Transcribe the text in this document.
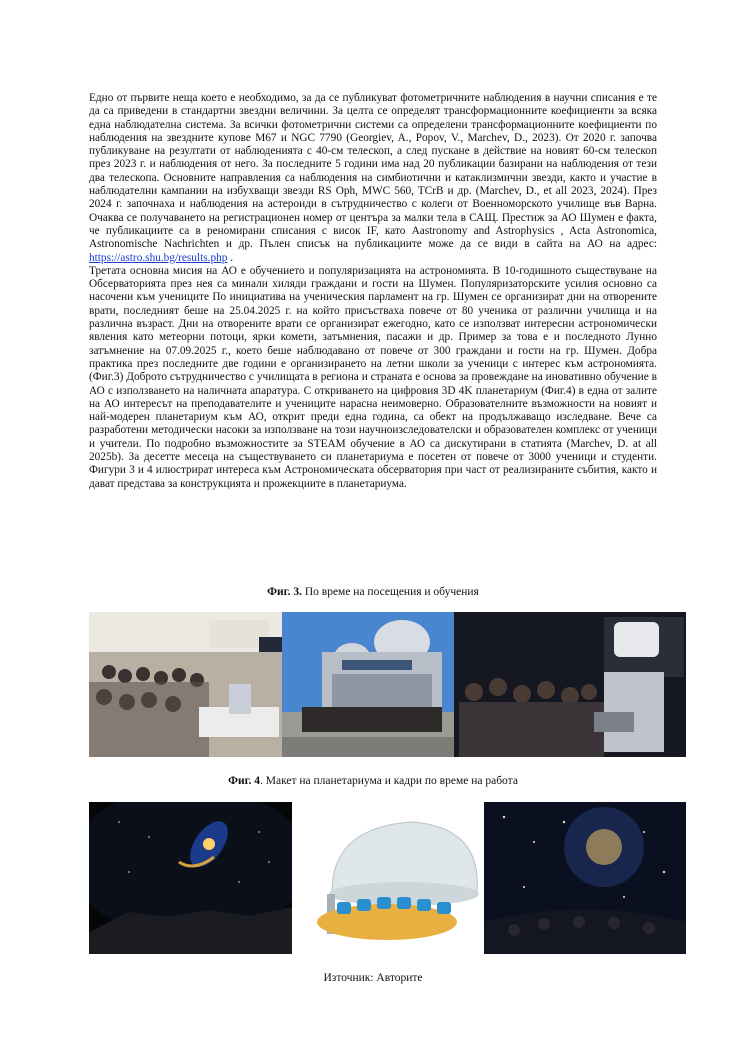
Едно от първите неща което е необходимо, за да се публикуват фотометричните наблюдения в научни списания е те да са приведени в стандартни звездни величини. За целта се определят трансформационните коефициенти за всяка една наблюдателна система. За всички фотометрични системи са определени трансформационните коефициенти по наблюдения на звездните купове M67 и NGC 7790 (Georgiev, A., Popov, V., Marchev, D., 2023). От 2020 г. започва публикуване на резултати от наблюденията с 40-см телескоп, а след пускане в действие на новият 60-см телескоп през 2023 г. и наблюдения от него. За последните 5 години има над 20 публикации базирани на наблюдения от тези два телескопа. Основните направления са наблюдения на симбиотични и катаклизмични звезди, както и участие в наблюдателни кампании на избухващи звезди RS Oph, MWC 560, TCrB и др. (Marchev, D., et all 2023, 2024). През 2024 г. започнаха и наблюдения на астероиди в сътрудничество с колеги от Военноморското училище във Варна. Очаква се получаването на регистрационен номер от центъра за малки тела в САЩ. Престиж за АО Шумен е факта, че публикациите са в реномирани списания с висок IF, като Aastronomy and Astrophysics , Acta Astronomica, Astronomische Nachrichten и др. Пълен списък на публикациите може да се види в сайта на АО на адрес: https://astro.shu.bg/results.php .

Третата основна мисия на АО е обучението и популяризацията на астрономията. В 10-годишното съществуване на Обсерваторията през нея са минали хиляди граждани и гости на Шумен. Популяризаторските усилия основно са насочени към учениците По инициатива на ученическия парламент на гр. Шумен се организират дни на отворените врати, последният беше на 25.04.2025 г. на който присъстваха повече от 80 ученика от различни училища и на различна възраст. Дни на отворените врати се организират ежегодно, като се използват интересни астрономически явления като метеорни потоци, ярки комети, затъмнения, пасажи и др. Пример за това е и последното Лунно затъмнение на 07.09.2025 г., което беше наблюдавано от повече от 300 граждани и гости на гр. Шумен. Добра практика през последните две години е организирането на летни школи за ученици с интерес към астрономията.(Фиг.3) Доброто сътрудничество с училищата в региона и страната е основа за провеждане на иновативно обучение в АО с използването на наличната апаратура. С откриването на цифровия 3D 4K планетариум (Фиг.4) в една от залите на АО интересът на преподавателите и учениците нарасна неимоверно. Образователните възможности на новият и най-модерен планетариум към АО, открит преди една година, са обект на продължаващо изследване. Вече са разработени методически насоки за използване на този научноизследователски и образователен комплекс от ученици и учители. По подробно възможностите за STEAM обучение в АО са дискутирани в статията (Marchev, D. at all 2025b). За десетте месеца на съществуването си планетариума е посетен от повече от 3000 ученици и студенти. Фигури 3 и 4 илюстрират интереса към Астрономическата обсерватория при част от реализираните събития, както и дават представа за конструкцията и прожекциите в планетариума.

Фиг. 3. По време на посещения и обучения

Фиг. 4. Макет на планетариума и кадри по време на работа

Източник: Авторите
